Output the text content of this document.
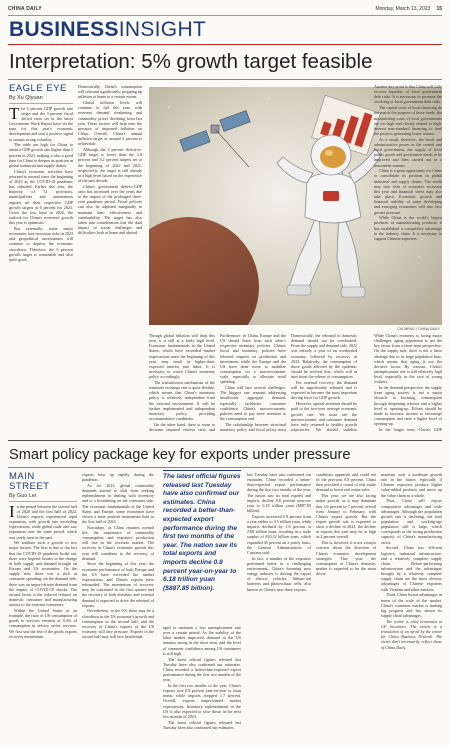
CHINA DAILY	Monday, March 13, 2023 15
BUSINESSINSIGHT
Interpretation: 5% growth target feasible
EAGLE EYE
By Xu Qiyuan

The 5 percent GDP growth rate target and the 3 percent fiscal deficit ratio set in the latest Government Work Report have set the tone for this year's economic development and sent a positive signal to sustain strong volatility.

The odds are high for China to attain a GDP growth rate higher than 5 percent in 2023, making it also a good time for China to deepen its position in global industrial and supply chains.

China's economic activities have returned to normal since the beginning of 2023 as the COVID-19 pandemic has subsided. Earlier this year, the majority of 31 provinces, municipalities and autonomous regions set their respective GDP growth targets at 6 percent for 2023. Given the low base in 2022, the outlook for China's economic growth this year is optimistic.

But externally, some major economies face recession risks in 2023 and geopolitical uncertainties will continue to depress the economic slowdown. Therefore, the 5 percent growth target is reasonable and also quite good.

Domestically, China's consumption will rebound significantly, propping up inflation at home to a certain extent.

Global inflation levels will continue to fall this year, with overseas demand weakening and commodity prices declining from last year. These factors will help ease the pressure of imported inflation on China. Overall, China's annual inflation target of around 3 percent is achievable.

Although the 3 percent deficit-to-GDP target is lower than the 2.8 percent and 3.2 percent targets set at the beginning of 2022 and 2021, respectively, the target is still already at a high level based on the experience of the past decade.

China's government debt-to-GDP ratio has increased over the years due to the impact of the prolonged three-year pandemic period. Fiscal policies can also be adjusted marginally to maintain their effectiveness and sustainability. The target has also taken into consideration that the dual impact of social challenges and difficulties both at home and abroad.

CAI MENG / CHINA DAILY

Though global inflation will drop this year, it is still at a fairly high level. Economic fundamentals in the United States, which have exceeded market expectations since the beginning of this year, may result in higher-than-expected interest rate hikes. It is necessary to watch China's monetary policy accordingly.

The transmission mechanism of the renminbi exchange rate is quite flexible, which means that China's monetary policy is relatively independent from the external environment. It will be further implemented and independent monetary policy, providing accommodative conditions.

On the other hand, there is room to decrease required reserve ratio and

Furthermore, in China, Europe and the US should learn from each other's respective monetary policies. China's fiscal and monetary policies have released impacts on production and investment, while the Europe and the US have done more to mobilize consumption on a macroeconomic scale, especially to alleviate retail spending.

China will face several challenges. The biggest one remains addressing insufficient aggregate demand, especially lackluster consumer confidence. China's macroeconomic policies need to pay more attention to the consumption end.

The relationship between structural monetary policy and fiscal policy must

Domestically, the rebound in domestic demand should not be overlooked. From the supply and demand side, 2022 was entirely a year of an overheated economy, followed by recovery in 2023. Relatively, the consumption of those goods affected by the epidemic should be revived first, which will in turn boost the release of consumption.

For external recovery, the demand will be significantly released and is expected to become the most important driving force for GDP growth.

However, special attention should be paid to the two-year average economic growth rate. We must see the macroeconomic and consumer demand have truly returned to healthy growth trajectories. We should stabilize

Another key point is that China will fully recover liquidity of local government debt risks. It is necessary to promote the resolving of local government debt risks.

The capital costs of local financing do not match the purpose of those funds, the mismatching costs of local governments are too high and closely related to high-interest non-standard financing to fund the projects generating lower returns.

As a result, therefore, the fiscal and administrative power in the central and local government, the supply of local public goods and governance needs to be improved and then carried out in a reasonable manner.

China is a great opportunity for China to consolidate its position in global industrial and supply chains. The world may face risks of economic recession this year and financial stress may also take place. Economic growth and financial stability of some developing and emerging economies will also face greater pressure.

While China is the world's largest producer of manufacturing products, it has established a competitive advantage in the industry chain. It is necessary to support Chinese exporters.

While China's economy is facing major challenges, aging population is not the key factor from a short-term perspective. On the supply side, there is not a labor shortage due to its large population base, which means that aging is not the decisive factor. By contrast, China's unemployment rate is still relatively high level, especially in the case of young workers.

In the demand perspective, the supply from aging society is not a major obstacle to boosting consumption through deepening reforms and a higher level of opening-up. Efforts should be made to increase income to encourage consumption and raise a higher level of opening-up.

In the longer term, China's GDP

Smart policy package key for exports under pressure
MAIN STREET
By Guo Lei

In the period between the second half of 2020 and the first half of 2022, China's exports experienced rapid expansion, with growth rate exceeding expectations, while global trade also saw expansion over the same period, which was rarely seen in the past.

We attribute such a growth to two major factors. The first is due to the fact that the COVID-19 pandemic broke out, there were hopeful booms in the change in both supply and demand brought on Europe and US economies. On the supply side, there was a shift in consumer spending; on the demand side, there was an import-driven demand from the impact of COVID-19 shocks. The second factor is the reduced reliance on domestic consumer and manufacturing sectors to the external consumers.

Within the United States as an example, the ratio of US consumption of goods to services remains at 0.4% of consumption in service sector services. We first saw the rise of the goods exports recovery momentum.

experts bear up rapidly during the pandemic.

As for 2023, global commodity demands started to shift from seeking replenishment to dealing with inventory and to a broadening on the consumer side. The economic fundamentals of the United States and Europe, some economies have shown a more positive momentum than in the first half of 2022.

Nowadays, as China resumes normal life, the importance of commodity consumption, and exporters' production will rise in the overseas market. The recovery in China's economic growth this year will contribute to the recovery of demand.

Since the beginning of this year, the economic performance of both Europe and the US have exceeded the market expectations, and China's exports have rebounded. The momentum of recovery may be continued in the first quarter and the recovery of both domestic and external demand is expected to drive the rebound of exports.

Nevertheless, in the US, there may be a slowdown in the US economy's growth and consumption in the second half, and the recovery of China's exports of the US economy will face pressure. Exports in the second half may still face headwinds.

The latest official figures released last Tuesday have also confirmed our estimates. China recorded a better-than-expected export performance during the first two months of the year. The nation saw its total exports and imports decline 0.8 percent year-on-year to 6.18 trillion yuan ($887.85 billion).

aged to maintain a low unemployment rate over a certain period. As the stability of the labor market improved, demand in the US remains strong in the short term, and the level of consumer confidence among US consumers is still high.

The latest official figures released last Tuesday have also confirmed our estimates. China recorded a better-than-expected export performance during the first two months of the year.

In the first two months of the year, China's exports rose 0.9 percent year-on-year in yuan terms, while imports dropped 1.7 percent. Overall, exports outperformed market expectations. Inventory replenishment in the US is also expected to slow down in the next few months of 2023.

The latest official figures released last Tuesday have also confirmed our estimates.

last Tuesday have also confirmed our estimates. China recorded a better-than-expected export performance during the first two months of the year. The nation saw its total exports and imports decline 0.8 percent year-on-year to 6.18 trillion yuan ($887.85 billion).

Exports increased 0.9 percent from a year earlier to 3.5 trillion yuan, while imports declined by 1.6 percent to 2.68 trillion yuan, resulting in a trade surplus of 810.32 billion yuan, which expanded 45 percent on a yearly basis, the General Administration of Customs said.

In fact, a number of the exporters performed better in a challenging environment. China's booming new energy industry is driving the export of electric vehicles, lithium-ion batteries and photovoltaic cells, also known as China's new three exports.

conditions appeared, and could not fit the previous 0.8 percent. China then provided a round of real estate demand to boost real estate sales.

This year, we are also facing major growth, as it may dominate that 3.6 percent to 7 percent overall from January to February, with China's export growth. But the export growth rate is expected to show a decline in 2023, the decline in exports this year may be as high as 2 percent overall.

This is, however, it is not a major concern about the direction of China's economic development strategies. This year, the consumption of China's domestic market is expected to be the main driver.

maintain such a moderate growth rate in the future, especially if Chinese exporters produce higher value-added products and move up the value chain as a whole.

Thus, China still enjoys comparative advantages and wide advantages. Although the population growth rate is declining, the total population and working-age population still is large, which corresponds to the strong production capacity of China's manufacturing sector.

Second, China has efficient logistics, industrial infrastructure, and a relatively complete supply chain. Before-performing infrastructure and the advantages brought by a relatively complete supply chain are the most obvious advantages of Chinese exporters with Vietnam and other markets.

Third, China boasts advantages in terms of the scale of the market. China's consumer market is making big progress and has shown its supply chain advantages.

The writer is chief economist at GF Securities. The article is a translation of an op-ed by the writer for China Business Network. The views don't necessarily reflect those of China Daily.
